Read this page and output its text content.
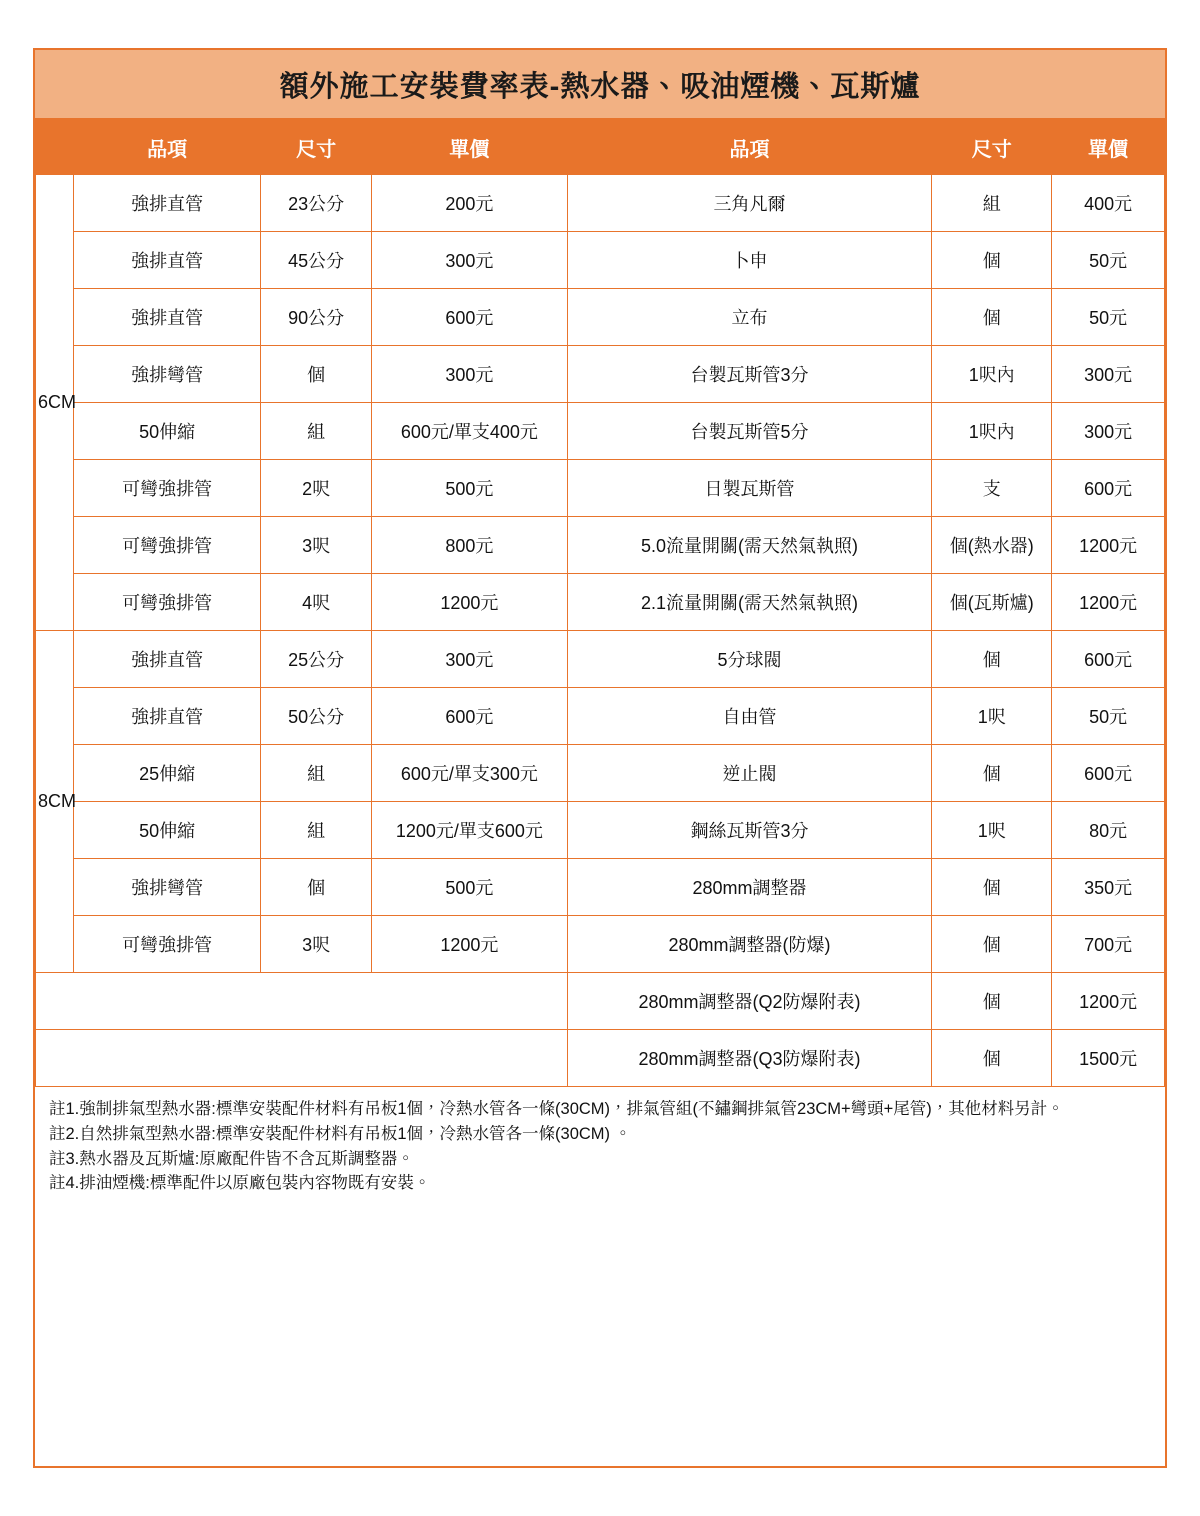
額外施工安裝費率表-熱水器、吸油煙機、瓦斯爐
	品項	尺寸	單價	品項	尺寸	單價
6CM	強排直管	23公分	200元	三角凡爾	組	400元
	強排直管	45公分	300元	卜申	個	50元
	強排直管	90公分	600元	立布	個	50元
	強排彎管	個	300元	台製瓦斯管3分	1呎內	300元
	50伸縮	組	600元/單支400元	台製瓦斯管5分	1呎內	300元
	可彎強排管	2呎	500元	日製瓦斯管	支	600元
	可彎強排管	3呎	800元	5.0流量開關(需天然氣執照)	個(熱水器)	1200元
	可彎強排管	4呎	1200元	2.1流量開關(需天然氣執照)	個(瓦斯爐)	1200元
8CM	強排直管	25公分	300元	5分球閥	個	600元
	強排直管	50公分	600元	自由管	1呎	50元
	25伸縮	組	600元/單支300元	逆止閥	個	600元
	50伸縮	組	1200元/單支600元	鋼絲瓦斯管3分	1呎	80元
	強排彎管	個	500元	280mm調整器	個	350元
	可彎強排管	3呎	1200元	280mm調整器(防爆)	個	700元
				280mm調整器(Q2防爆附表)	個	1200元
				280mm調整器(Q3防爆附表)	個	1500元

註1.強制排氣型熱水器:標準安裝配件材料有吊板1個，冷熱水管各一條(30CM)，排氣管組(不鏽鋼排氣管23CM+彎頭+尾管)，其他材料另計。

註2.自然排氣型熱水器:標準安裝配件材料有吊板1個，冷熱水管各一條(30CM) 。

註3.熱水器及瓦斯爐:原廠配件皆不含瓦斯調整器。

註4.排油煙機:標準配件以原廠包裝內容物既有安裝。
